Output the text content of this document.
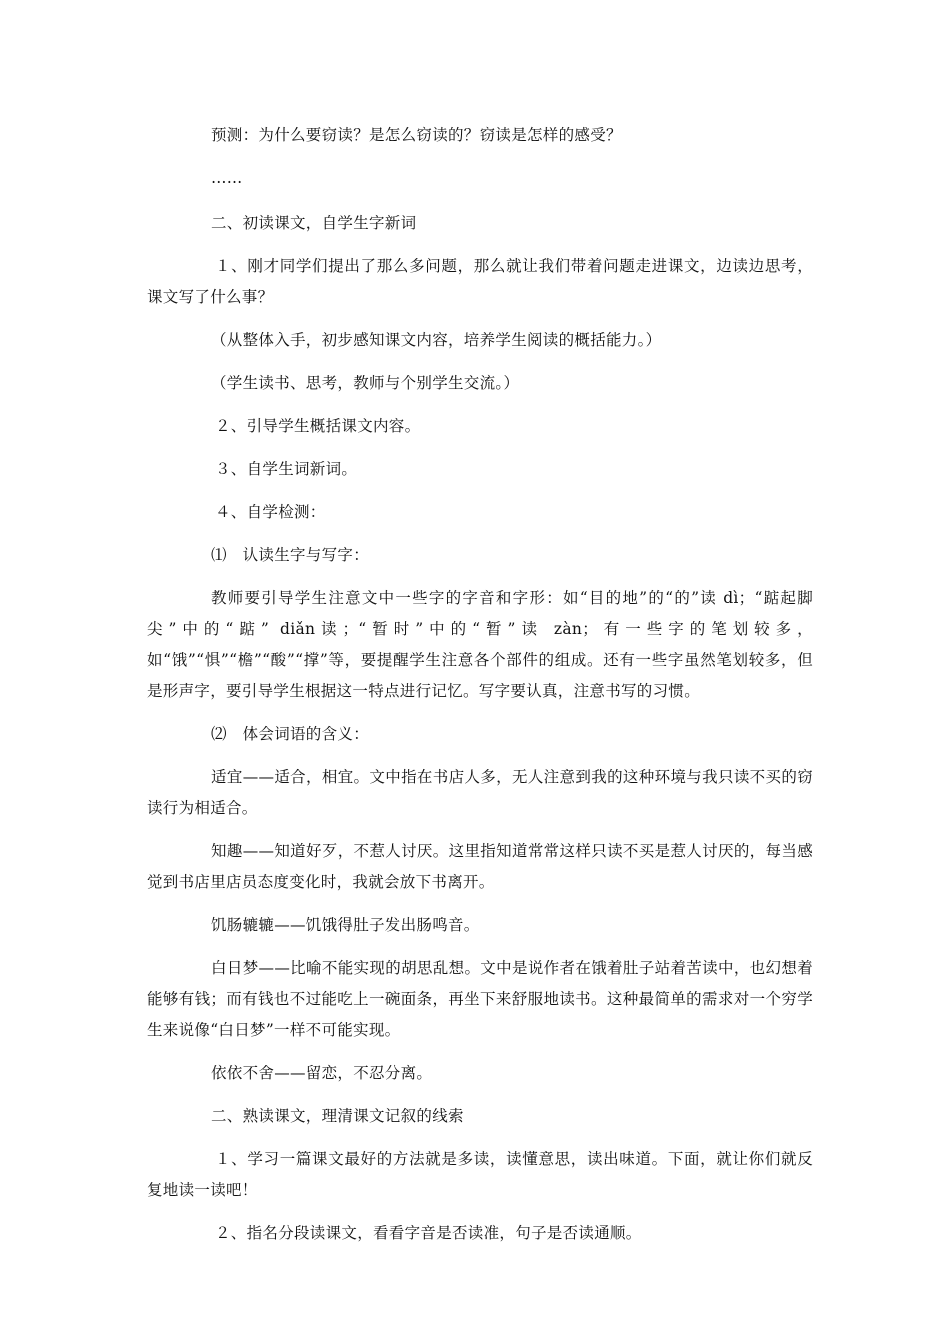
预测：为什么要窃读？是怎么窃读的？窃读是怎样的感受？

……

二、初读课文，自学生字新词

１、刚才同学们提出了那么多问题，那么就让我们带着问题走进课文，边读边思考，课文写了什么事？

（从整体入手，初步感知课文内容，培养学生阅读的概括能力。）

（学生读书、思考，教师与个别学生交流。）

２、引导学生概括课文内容。

３、自学生词新词。

４、自学检测：

⑴　认读生字与写字：

教师要引导学生注意文中一些字的字音和字形：如“目的地”的“的”读 dì；“踮起脚尖”中的“踮” diǎn读；“暂时”中的“暂”读 zàn；有一些字的笔划较多，如“饿”“惧”“檐”“酸”“撑”等，要提醒学生注意各个部件的组成。还有一些字虽然笔划较多，但是形声字，要引导学生根据这一特点进行记忆。写字要认真，注意书写的习惯。

⑵　体会词语的含义：

适宜——适合，相宜。文中指在书店人多，无人注意到我的这种环境与我只读不买的窃读行为相适合。

知趣——知道好歹，不惹人讨厌。这里指知道常常这样只读不买是惹人讨厌的，每当感觉到书店里店员态度变化时，我就会放下书离开。

饥肠辘辘——饥饿得肚子发出肠鸣音。

白日梦——比喻不能实现的胡思乱想。文中是说作者在饿着肚子站着苦读中，也幻想着能够有钱；而有钱也不过能吃上一碗面条，再坐下来舒服地读书。这种最简单的需求对一个穷学生来说像“白日梦”一样不可能实现。

依依不舍——留恋，不忍分离。

二、熟读课文，理清课文记叙的线索

１、学习一篇课文最好的方法就是多读，读懂意思，读出味道。下面，就让你们就反复地读一读吧！

２、指名分段读课文，看看字音是否读准，句子是否读通顺。
